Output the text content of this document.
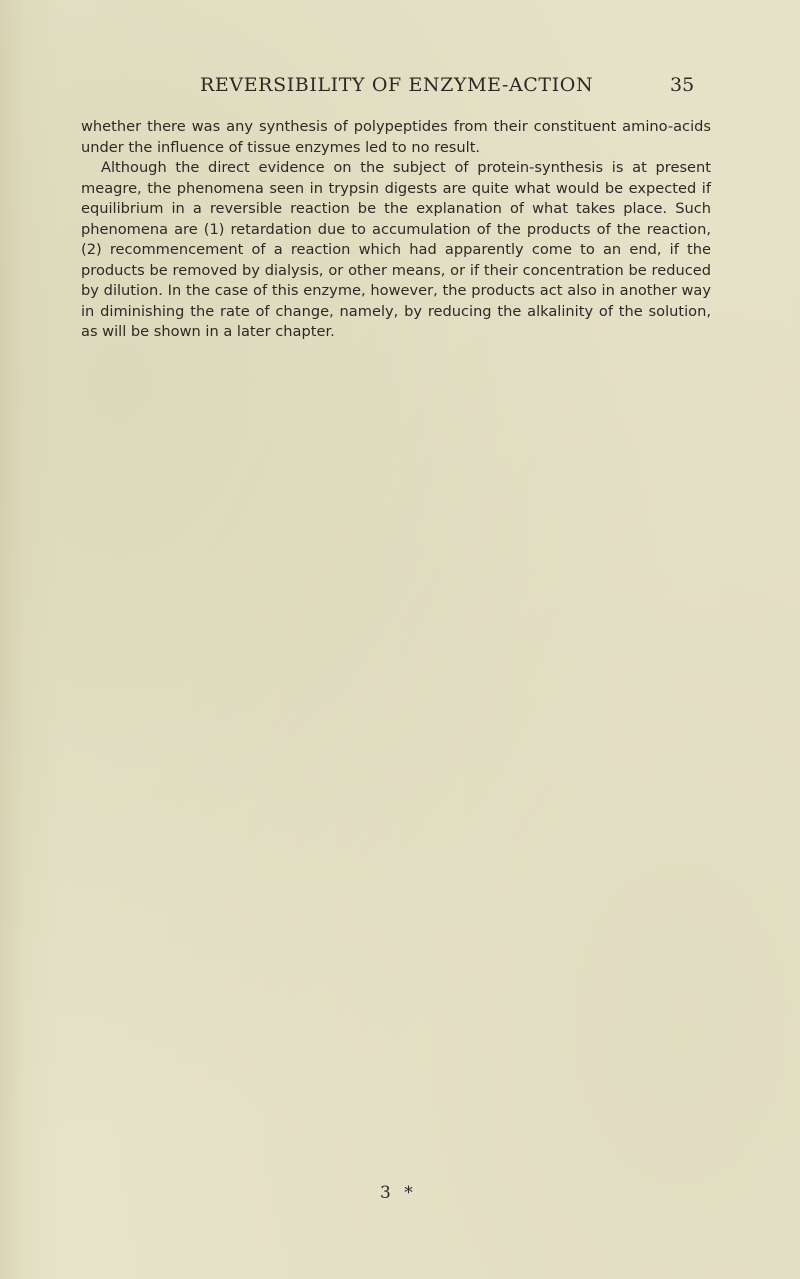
REVERSIBILITY OF ENZYME-ACTION	35

whether there was any synthesis of polypeptides from their constituent amino-acids under the influence of tissue enzymes led to no result.

Although the direct evidence on the subject of protein-synthesis is at present meagre, the phenomena seen in trypsin digests are quite what would be expected if equilibrium in a reversible reaction be the explanation of what takes place. Such phenomena are (1) retardation due to accumulation of the products of the reaction, (2) recommencement of a reaction which had apparently come to an end, if the products be removed by dialysis, or other means, or if their concentration be reduced by dilution. In the case of this enzyme, however, the products act also in another way in diminishing the rate of change, namely, by reducing the alkalinity of the solution, as will be shown in a later chapter.

3 *
